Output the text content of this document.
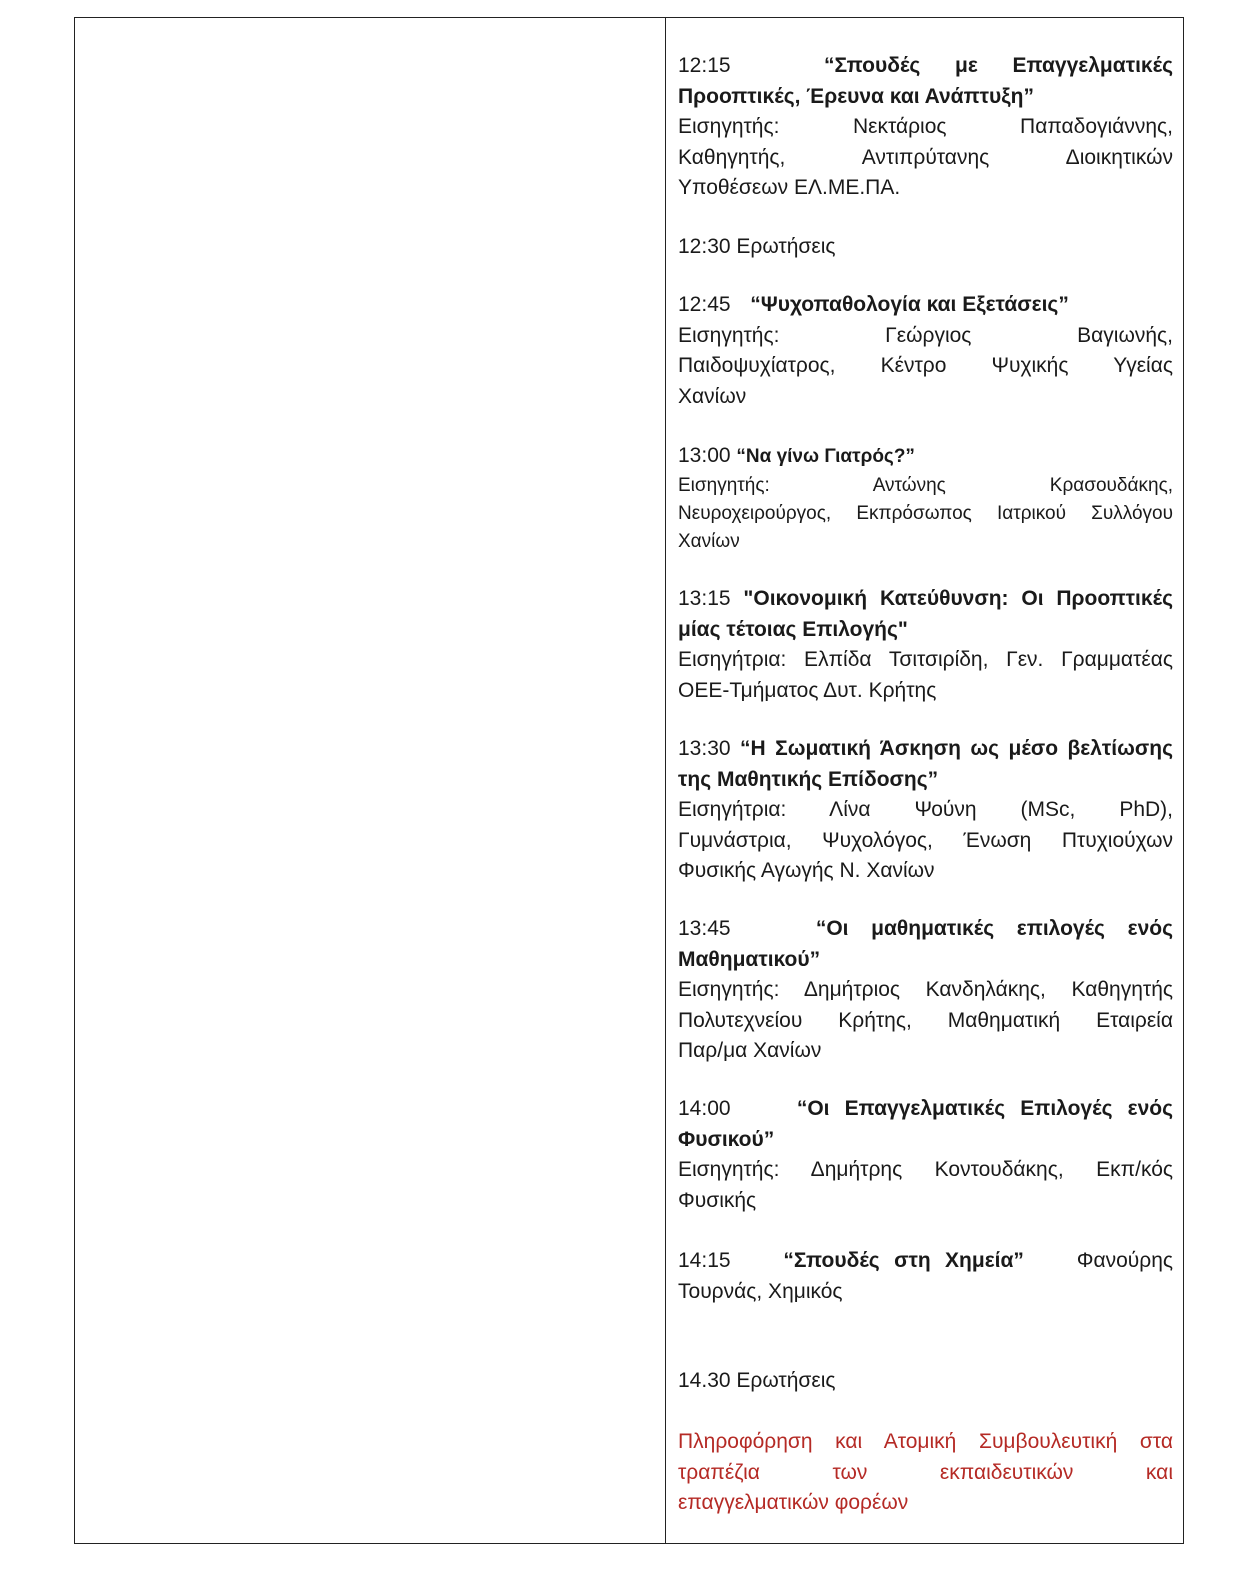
12:15	“Σπουδές με Επαγγελματικές
Προοπτικές, Έρευνα και Ανάπτυξη”
Εισηγητής: Νεκτάριος Παπαδογιάννης,
Καθηγητής, Αντιπρύτανης Διοικητικών
Υποθέσεων ΕΛ.ΜΕ.ΠΑ.
12:30 Ερωτήσεις
12:45 “Ψυχοπαθολογία και Εξετάσεις”
Εισηγητής: Γεώργιος Βαγιωνής,
Παιδοψυχίατρος, Κέντρο Ψυχικής Υγείας
Χανίων
13:00 “Να γίνω Γιατρός?”
Εισηγητής: Αντώνης Κρασουδάκης,
Νευροχειρούργος, Εκπρόσωπος Ιατρικού Συλλόγου
Χανίων
13:15 "Οικονομική Κατεύθυνση: Οι Προοπτικές
μίας τέτοιας Επιλογής"
Εισηγήτρια: Ελπίδα Τσιτσιρίδη, Γεν. Γραμματέας
ΟΕΕ-Τμήματος Δυτ. Κρήτης
13:30 “Η Σωματική Άσκηση ως μέσο βελτίωσης
της Μαθητικής Επίδοσης”
Εισηγήτρια: Λίνα Ψούνη (MSc, PhD),
Γυμνάστρια, Ψυχολόγος, Ένωση Πτυχιούχων
Φυσικής Αγωγής Ν. Χανίων
13:45	“Οι μαθηματικές επιλογές ενός
Μαθηματικού”
Εισηγητής: Δημήτριος Κανδηλάκης, Καθηγητής
Πολυτεχνείου Κρήτης, Μαθηματική Εταιρεία
Παρ/μα Χανίων
14:00	“Οι Επαγγελματικές Επιλογές ενός
Φυσικού”
Εισηγητής: Δημήτρης Κοντουδάκης, Εκπ/κός
Φυσικής
14:15	“Σπουδές στη Χημεία”	Φανούρης
Τουρνάς, Χημικός
14.30 Ερωτήσεις
Πληροφόρηση και Ατομική Συμβουλευτική στα
τραπέζια των εκπαιδευτικών και
επαγγελματικών φορέων
